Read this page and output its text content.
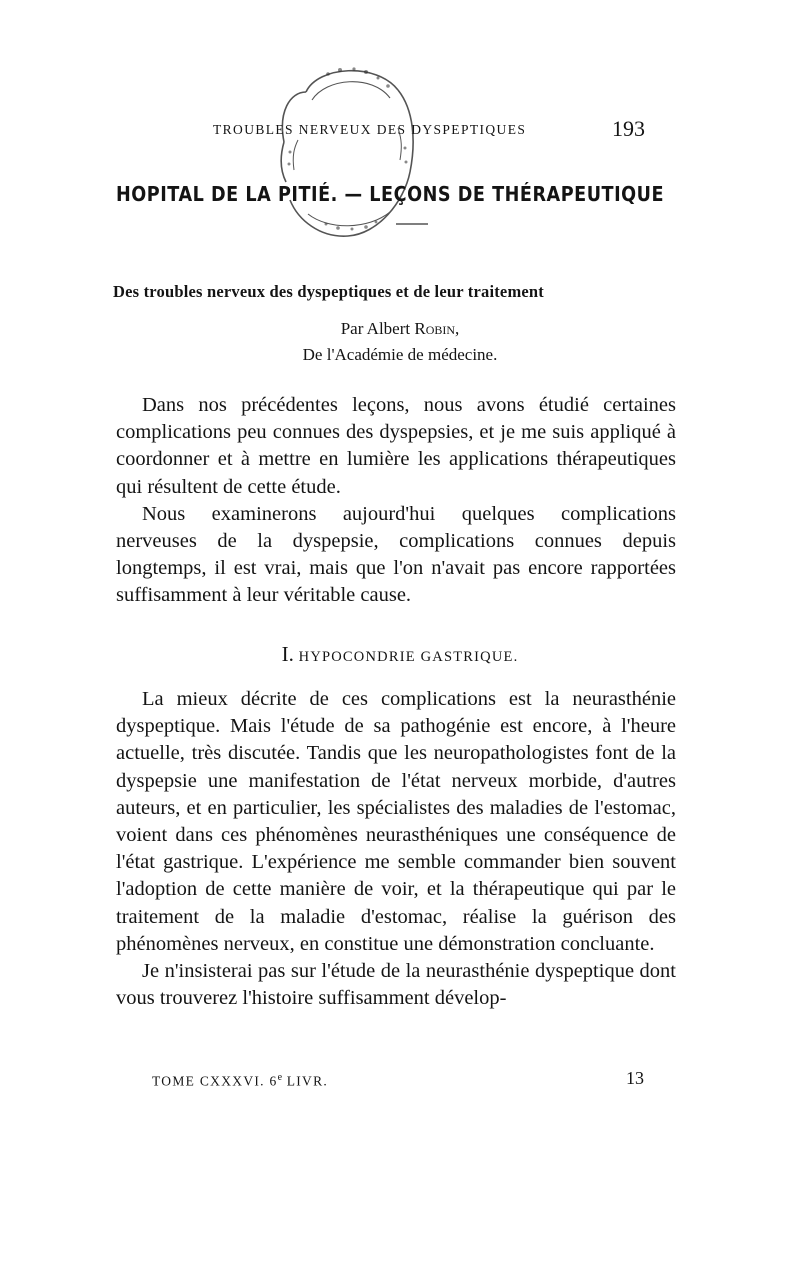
TROUBLES NERVEUX DES DYSPEPTIQUES	193
HOPITAL DE LA PITIÉ. — LEÇONS DE THÉRAPEUTIQUE
Des troubles nerveux des dyspeptiques et de leur traitement
Par Albert Robin,
De l'Académie de médecine.

Dans nos précédentes leçons, nous avons étudié certaines complications peu connues des dyspepsies, et je me suis appliqué à coordonner et à mettre en lumière les applications thérapeutiques qui résultent de cette étude.

Nous examinerons aujourd'hui quelques complications nerveuses de la dyspepsie, complications connues depuis longtemps, il est vrai, mais que l'on n'avait pas encore rapportées suffisamment à leur véritable cause.

I. HYPOCONDRIE GASTRIQUE.

La mieux décrite de ces complications est la neurasthénie dyspeptique. Mais l'étude de sa pathogénie est encore, à l'heure actuelle, très discutée. Tandis que les neuropathologistes font de la dyspepsie une manifestation de l'état nerveux morbide, d'autres auteurs, et en particulier, les spécialistes des maladies de l'estomac, voient dans ces phénomènes neurasthéniques une conséquence de l'état gastrique. L'expérience me semble commander bien souvent l'adoption de cette manière de voir, et la thérapeutique qui par le traitement de la maladie d'estomac, réalise la guérison des phénomènes nerveux, en constitue une démonstration concluante.

Je n'insisterai pas sur l'étude de la neurasthénie dyspeptique dont vous trouverez l'histoire suffisamment dévelop-

TOME CXXXVI. 6e LIVR.	13
